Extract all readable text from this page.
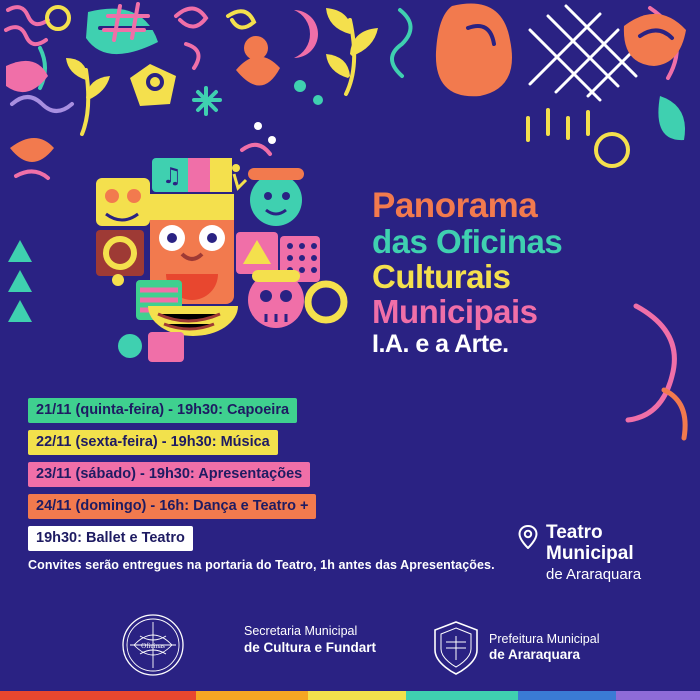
♫
Panorama
das Oficinas
Culturais
Municipais
I.A. e a Arte.
21/11 (quinta-feira) - 19h30: Capoeira
22/11 (sexta-feira) - 19h30: Música
23/11 (sábado) - 19h30: Apresentações
24/11 (domingo) - 16h: Dança e Teatro +
19h30: Ballet e Teatro
Convites serão entregues na portaria do Teatro, 1h antes das Apresentações.
Teatro
Municipal
de Araraquara
Oficinas
Secretaria Municipal
de Cultura e Fundart
Prefeitura Municipal
de Araraquara
